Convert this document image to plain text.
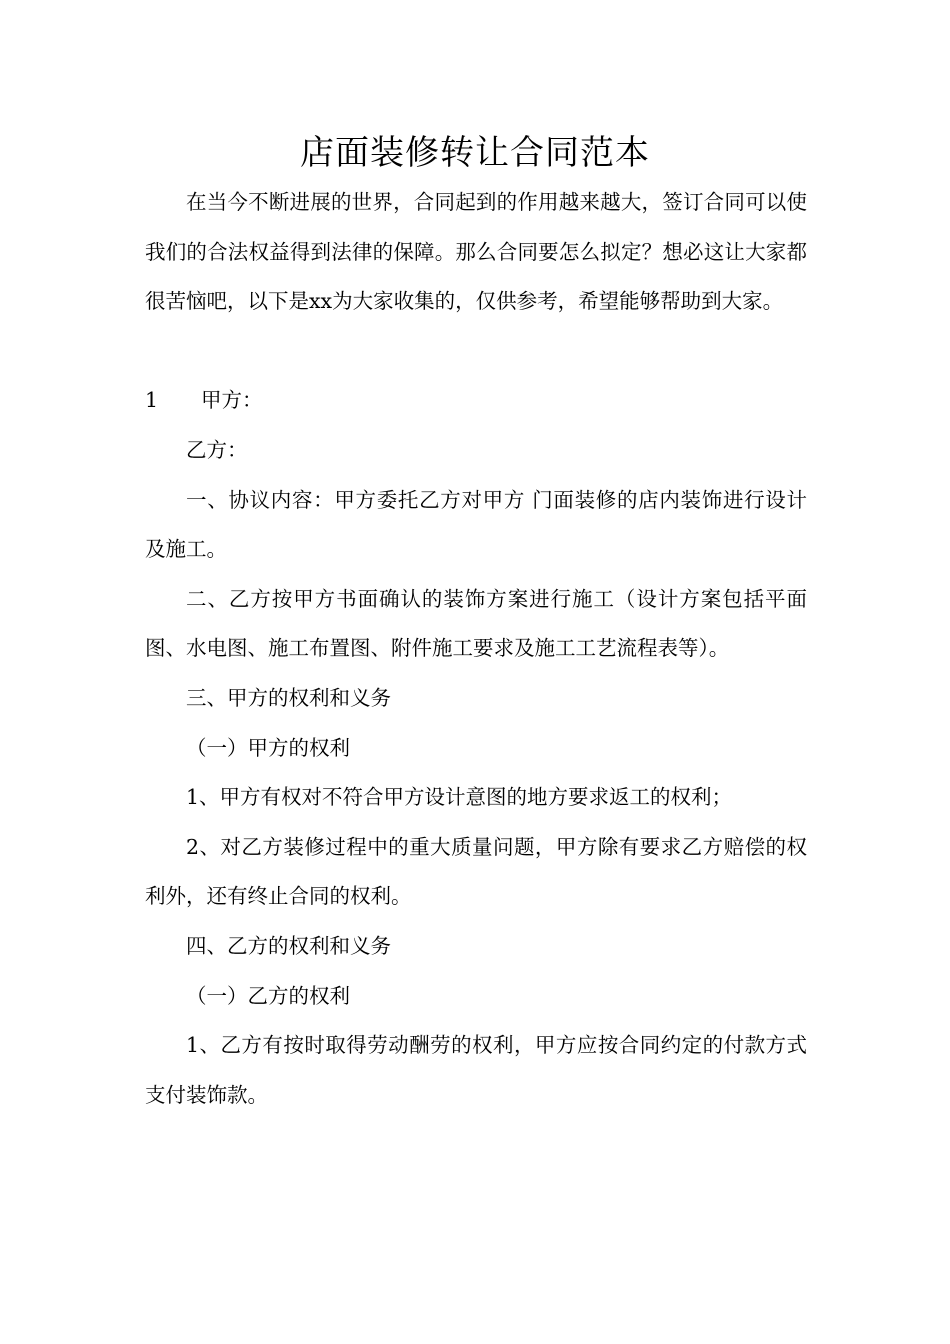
店面装修转让合同范本

在当今不断进展的世界，合同起到的作用越来越大，签订合同可以使我们的合法权益得到法律的保障。那么合同要怎么拟定？想必这让大家都很苦恼吧，以下是xx为大家收集的，仅供参考，希望能够帮助到大家。

1	甲方：

乙方：

一、协议内容：甲方委托乙方对甲方 门面装修的店内装饰进行设计及施工。

二、乙方按甲方书面确认的装饰方案进行施工（设计方案包括平面图、水电图、施工布置图、附件施工要求及施工工艺流程表等）。

三、甲方的权利和义务

（一）甲方的权利

1、甲方有权对不符合甲方设计意图的地方要求返工的权利；

2、对乙方装修过程中的重大质量问题，甲方除有要求乙方赔偿的权利外，还有终止合同的权利。

四、乙方的权利和义务

（一）乙方的权利

1、乙方有按时取得劳动酬劳的权利，甲方应按合同约定的付款方式支付装饰款。
